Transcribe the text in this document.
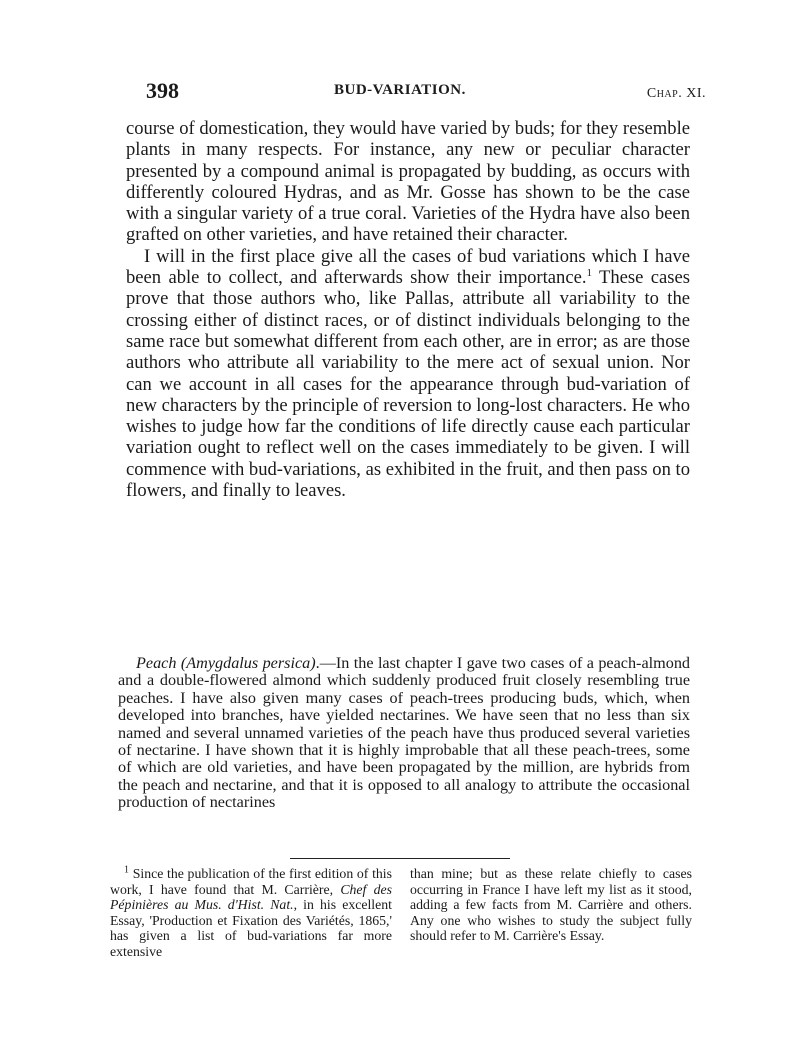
398	BUD-VARIATION.	Chap. XI.

course of domestication, they would have varied by buds; for they resemble plants in many respects. For instance, any new or peculiar character presented by a compound animal is propagated by budding, as occurs with differently coloured Hydras, and as Mr. Gosse has shown to be the case with a singular variety of a true coral. Varieties of the Hydra have also been grafted on other varieties, and have retained their character.

I will in the first place give all the cases of bud variations which I have been able to collect, and afterwards show their importance.$^1$ These cases prove that those authors who, like Pallas, attribute all variability to the crossing either of distinct races, or of distinct individuals belonging to the same race but somewhat different from each other, are in error; as are those authors who attribute all variability to the mere act of sexual union. Nor can we account in all cases for the appearance through bud-variation of new characters by the principle of reversion to long-lost characters. He who wishes to judge how far the conditions of life directly cause each particular variation ought to reflect well on the cases immediately to be given. I will commence with bud-variations, as exhibited in the fruit, and then pass on to flowers, and finally to leaves.

Peach (Amygdalus persica).—In the last chapter I gave two cases of a peach-almond and a double-flowered almond which suddenly produced fruit closely resembling true peaches. I have also given many cases of peach-trees producing buds, which, when developed into branches, have yielded nectarines. We have seen that no less than six named and several unnamed varieties of the peach have thus produced several varieties of nectarine. I have shown that it is highly improbable that all these peach-trees, some of which are old varieties, and have been propagated by the million, are hybrids from the peach and nectarine, and that it is opposed to all analogy to attribute the occasional production of nectarines

$^1$ Since the publication of the first edition of this work, I have found that M. Carrière, Chef des Pépinières au Mus. d'Hist. Nat., in his excellent Essay, 'Production et Fixation des Variétés, 1865,' has given a list of bud-variations far more extensive
than mine; but as these relate chiefly to cases occurring in France I have left my list as it stood, adding a few facts from M. Carrière and others. Any one who wishes to study the subject fully should refer to M. Carrière's Essay.
